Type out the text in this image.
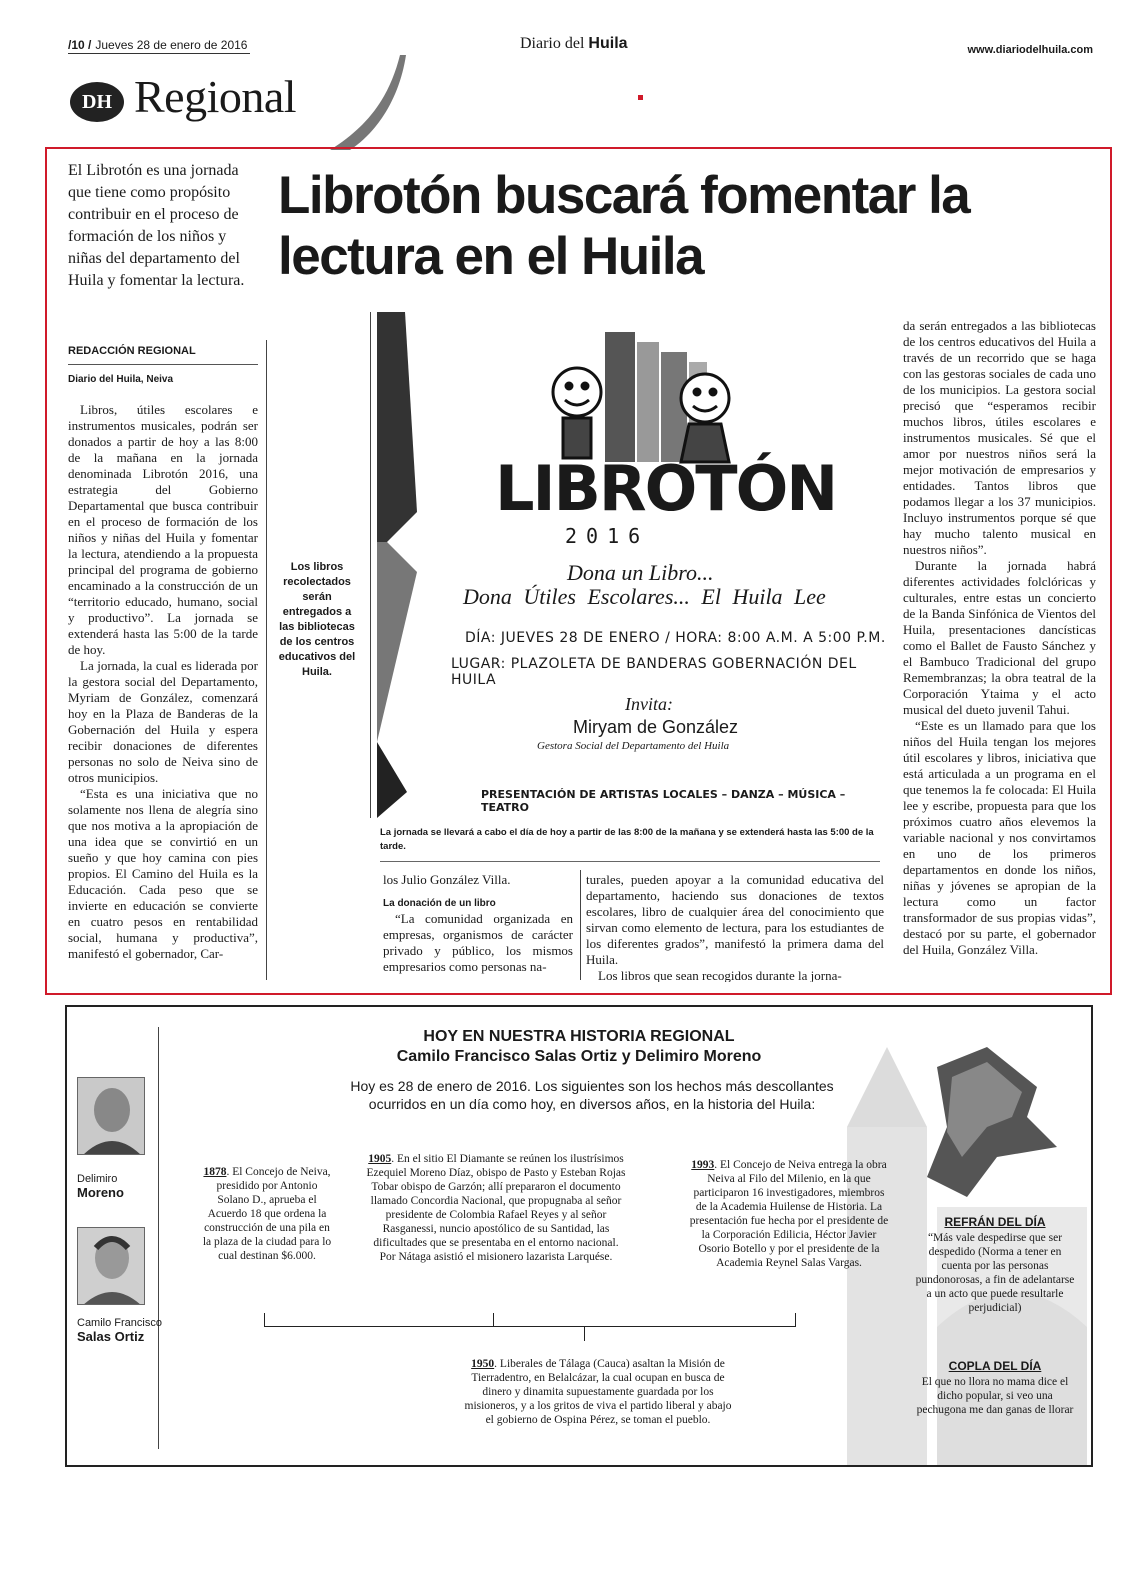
/10 / Jueves 28 de enero de 2016	Diario del Huila	www.diariodelhuila.com
DH Regional
El Librotón es una jornada que tiene como propósito contribuir en el proceso de formación de los niños y niñas del departamento del Huila y fomentar la lectura.
Librotón buscará fomentar la lectura en el Huila
REDACCIÓN REGIONAL
Diario del Huila, Neiva

Libros, útiles escolares e instrumentos musicales, podrán ser donados a partir de hoy a las 8:00 de la mañana en la jornada denominada Librotón 2016, una estrategia del Gobierno Departamental que busca contribuir en el proceso de formación de los niños y niñas del Huila y fomentar la lectura, atendiendo a la propuesta principal del programa de gobierno encaminado a la construcción de un “territorio educado, humano, social y productivo”. La jornada se extenderá hasta las 5:00 de la tarde de hoy.

La jornada, la cual es liderada por la gestora social del Departamento, Myriam de González, comenzará hoy en la Plaza de Banderas de la Gobernación del Huila y espera recibir donaciones de diferentes personas no solo de Neiva sino de otros municipios.

“Esta es una iniciativa que no solamente nos llena de alegría sino que nos motiva a la apropiación de una idea que se convirtió en un sueño y que hoy camina con pies propios. El Camino del Huila es la Educación. Cada peso que se invierte en educación se convierte en cuatro pesos en rentabilidad social, humana y productiva”, manifestó el gobernador, Car-

Los libros recolectados serán entregados a las bibliotecas de los centros educativos del Huila.
LIBROTÓN
2016
Dona un Libro...
Dona Útiles Escolares... El Huila Lee
DÍA: JUEVES 28 DE ENERO / HORA: 8:00 A.M. A 5:00 P.M.
LUGAR: PLAZOLETA DE BANDERAS GOBERNACIÓN DEL HUILA
Invita:
Miryam de González
Gestora Social del Departamento del Huila
PRESENTACIÓN DE ARTISTAS LOCALES – DANZA – MÚSICA – TEATRO
La jornada se llevará a cabo el día de hoy a partir de las 8:00 de la mañana y se extenderá hasta las 5:00 de la tarde.
los Julio González Villa.
La donación de un libro

“La comunidad organizada en empresas, organismos de carácter privado y público, los mismos empresarios como personas na-

turales, pueden apoyar a la comunidad educativa del departamento, haciendo sus donaciones de textos escolares, libro de cualquier área del conocimiento que sirvan como elemento de lectura, para los estudiantes de los diferentes grados”, manifestó la primera dama del Huila.

Los libros que sean recogidos durante la jorna-

da serán entregados a las bibliotecas de los centros educativos del Huila a través de un recorrido que se haga con las gestoras sociales de cada uno de los municipios. La gestora social precisó que “esperamos recibir muchos libros, útiles escolares e instrumentos musicales. Sé que el amor por nuestros niños será la mejor motivación de empresarios y entidades. Tantos libros que podamos llegar a los 37 municipios. Incluyo instrumentos porque sé que hay mucho talento musical en nuestros niños”.

Durante la jornada habrá diferentes actividades folclóricas y culturales, entre estas un concierto de la Banda Sinfónica de Vientos del Huila, presentaciones dancísticas como el Ballet de Fausto Sánchez y el Bambuco Tradicional del grupo Remembranzas; la obra teatral de la Corporación Ytaima y el acto musical del dueto juvenil Tahui.

“Este es un llamado para que los niños del Huila tengan los mejores útil escolares y libros, iniciativa que está articulada a un programa en el que tenemos la fe colocada: El Huila lee y escribe, propuesta para que los próximos cuatro años elevemos la variable nacional y nos convirtamos en uno de los primeros departamentos en donde los niños, niñas y jóvenes se apropian de la lectura como un factor transformador de sus propias vidas”, destacó por su parte, el gobernador del Huila, González Villa.

HOY EN NUESTRA HISTORIA REGIONAL
Camilo Francisco Salas Ortiz y Delimiro Moreno
Hoy es 28 de enero de 2016. Los siguientes son los hechos más descollantes ocurridos en un día como hoy, en diversos años, en la historia del Huila:
Delimiro
Moreno
Camilo Francisco
Salas Ortiz
1878. El Concejo de Neiva, presidido por Antonio Solano D., aprueba el Acuerdo 18 que ordena la construcción de una pila en la plaza de la ciudad para lo cual destinan $6.000.
1905. En el sitio El Diamante se reúnen los ilustrísimos Ezequiel Moreno Díaz, obispo de Pasto y Esteban Rojas Tobar obispo de Garzón; allí prepararon el documento llamado Concordia Nacional, que propugnaba al señor presidente de Colombia Rafael Reyes y al señor Rasganessi, nuncio apostólico de su Santidad, las dificultades que se presentaba en el entorno nacional. Por Nátaga asistió el misionero lazarista Larquése.
1993. El Concejo de Neiva entrega la obra Neiva al Filo del Milenio, en la que participaron 16 investigadores, miembros de la Academia Huilense de Historia. La presentación fue hecha por el presidente de la Corporación Edilicia, Héctor Javier Osorio Botello y por el presidente de la Academia Reynel Salas Vargas.
1950. Liberales de Tálaga (Cauca) asaltan la Misión de Tierradentro, en Belalcázar, la cual ocupan en busca de dinero y dinamita supuestamente guardada por los misioneros, y a los gritos de viva el partido liberal y abajo el gobierno de Ospina Pérez, se toman el pueblo.
REFRÁN DEL DÍA
“Más vale despedirse que ser despedido (Norma a tener en cuenta por las personas pundonorosas, a fin de adelantarse a un acto que puede resultarle perjudicial)
COPLA DEL DÍA
El que no llora no mama dice el dicho popular, si veo una pechugona me dan ganas de llorar
